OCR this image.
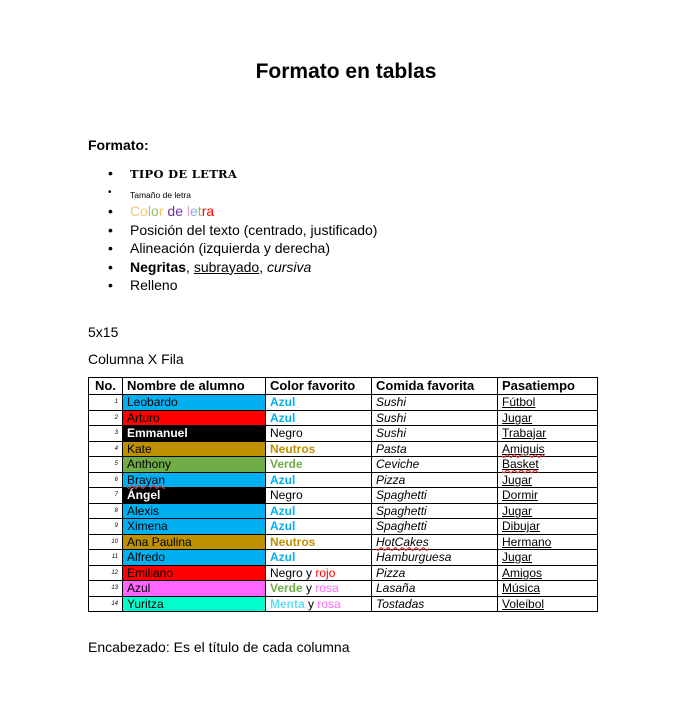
Formato en tablas
Formato:
• TIPO DE LETRA
• Tamaño de letra
• Color de letra
• Posición del texto (centrado, justificado)
• Alineación (izquierda y derecha)
• Negritas, subrayado, cursiva
• Relleno
5x15
Columna X Fila
No.	Nombre de alumno	Color favorito	Comida favorita	Pasatiempo
1	Leobardo	Azul	Sushi	Fútbol
2	Arturo	Azul	Sushi	Jugar
3	Emmanuel	Negro	Sushi	Trabajar
4	Kate	Neutros	Pasta	Amiguis
5	Anthony	Verde	Ceviche	Basket
6	Brayan	Azul	Pizza	Jugar
7	Ángel	Negro	Spaghetti	Dormir
8	Alexis	Azul	Spaghetti	Jugar
9	Ximena	Azul	Spaghetti	Dibujar
10	Ana Paulina	Neutros	HotCakes	Hermano
11	Alfredo	Azul	Hamburguesa	Jugar
12	Emiliano	Negro y rojo	Pizza	Amigos
13	Azul	Verde y rosa	Lasaña	Música
14	Yuritza	Menta y rosa	Tostadas	Voleibol
Encabezado: Es el título de cada columna
